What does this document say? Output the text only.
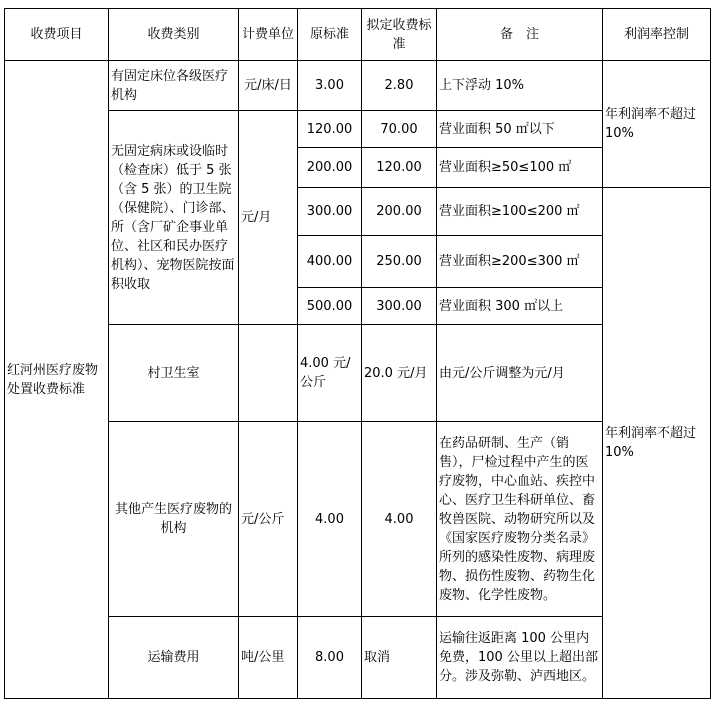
收费项目	收费类别	计费单位	原标准	拟定收费标准	备　注	利润率控制
红河州医疗废物处置收费标准	有固定床位各级医疗机构	元/床/日	3.00	2.80	上下浮动 10%	年利润率不超过 10%
	无固定病床或设临时（检查床）低于 5 张（含 5 张）的卫生院（保健院）、门诊部、所（含厂矿企事业单位、社区和民办医疗机构）、宠物医院按面积收取	元/月	120.00	70.00	营业面积 50 ㎡以下	
			200.00	120.00	营业面积≥50≤100 ㎡	
			300.00	200.00	营业面积≥100≤200 ㎡	年利润率不超过 10%
			400.00	250.00	营业面积≥200≤300 ㎡	
			500.00	300.00	营业面积 300 ㎡以上	
	村卫生室		4.00 元/公斤	20.0 元/月	由元/公斤调整为元/月	
	其他产生医疗废物的机构	元/公斤	4.00	4.00	在药品研制、生产（销售），尸检过程中产生的医疗废物，中心血站、疾控中心、医疗卫生科研单位、畜牧兽医院、动物研究所以及《国家医疗废物分类名录》所列的感染性废物、病理废物、损伤性废物、药物生化废物、化学性废物。	
	运输费用	吨/公里	8.00	取消	运输往返距离 100 公里内免费，100 公里以上超出部分。涉及弥勒、泸西地区。	
